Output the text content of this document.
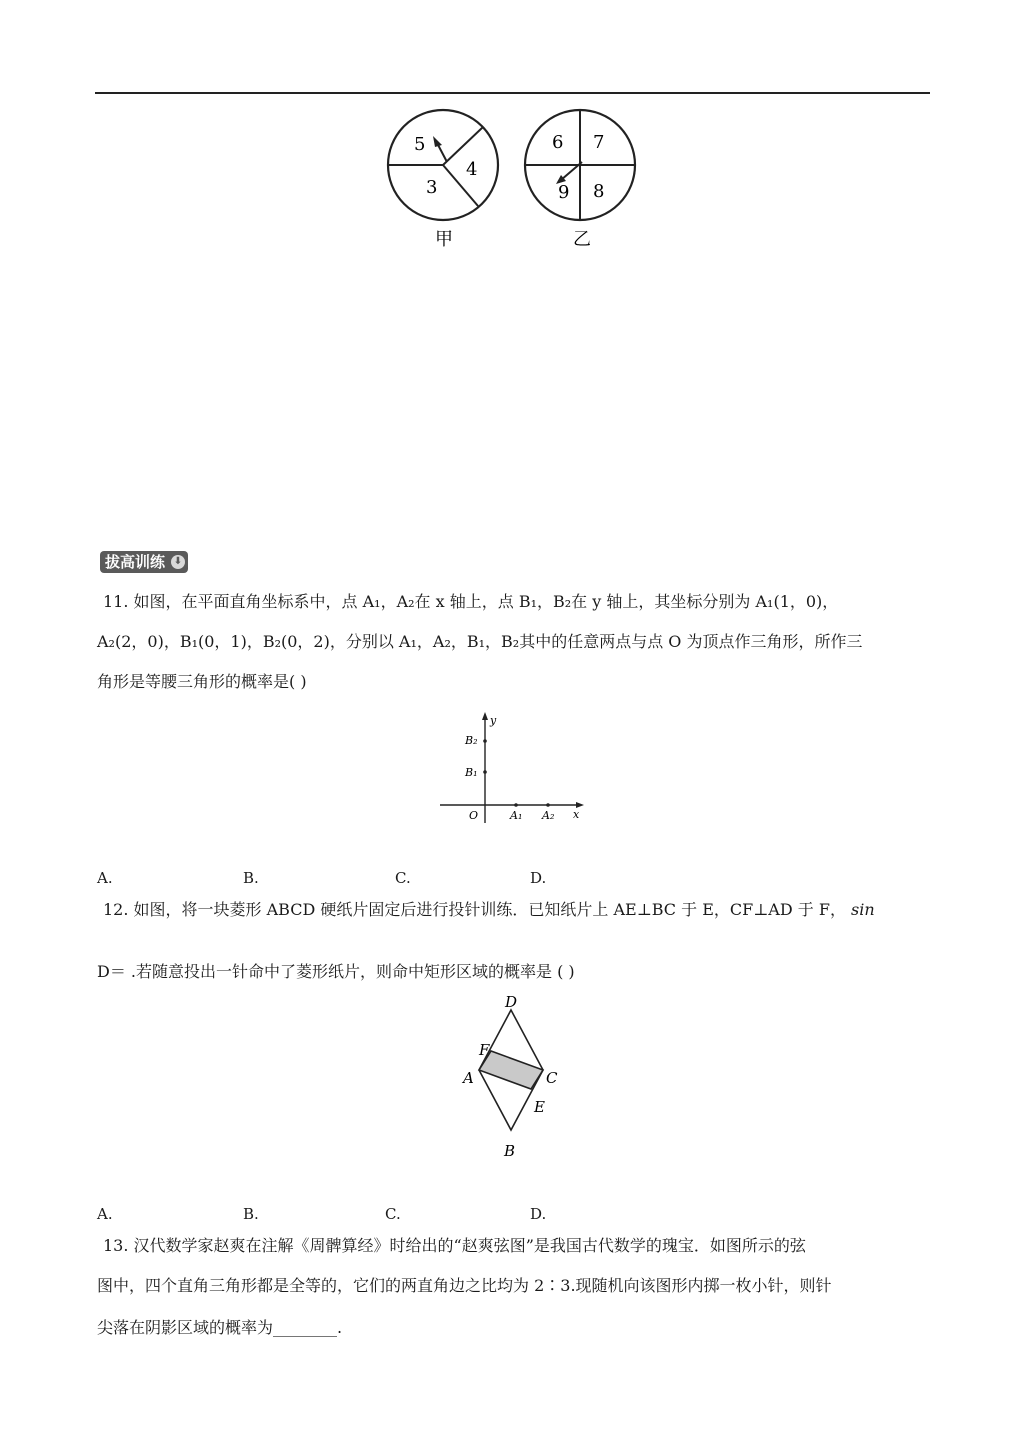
5
4
3
甲
6 7
9 8
乙
拔高训练 ⬇
11. 如图，在平面直角坐标系中，点 A₁，A₂在 x 轴上，点 B₁，B₂在 y 轴上，其坐标分别为 A₁(1，0)，
A₂(2，0)，B₁(0，1)，B₂(0，2)，分别以 A₁，A₂，B₁，B₂其中的任意两点与点 O 为顶点作三角形，所作三
角形是等腰三角形的概率是( )
y
x
O
B₂
B₁
A₁ A₂
A.	B.	C.	D.
12. 如图，将一块菱形 ABCD 硬纸片固定后进行投针训练．已知纸片上 AE⊥BC 于 E，CF⊥AD 于 F， sin
D＝ .若随意投出一针命中了菱形纸片，则命中矩形区域的概率是 ( )
D
F
A	C
E
B
A.	B.	C.	D.
13. 汉代数学家赵爽在注解《周髀算经》时给出的“赵爽弦图”是我国古代数学的瑰宝．如图所示的弦
图中，四个直角三角形都是全等的，它们的两直角边之比均为 2∶3.现随机向该图形内掷一枚小针，则针
尖落在阴影区域的概率为________.
